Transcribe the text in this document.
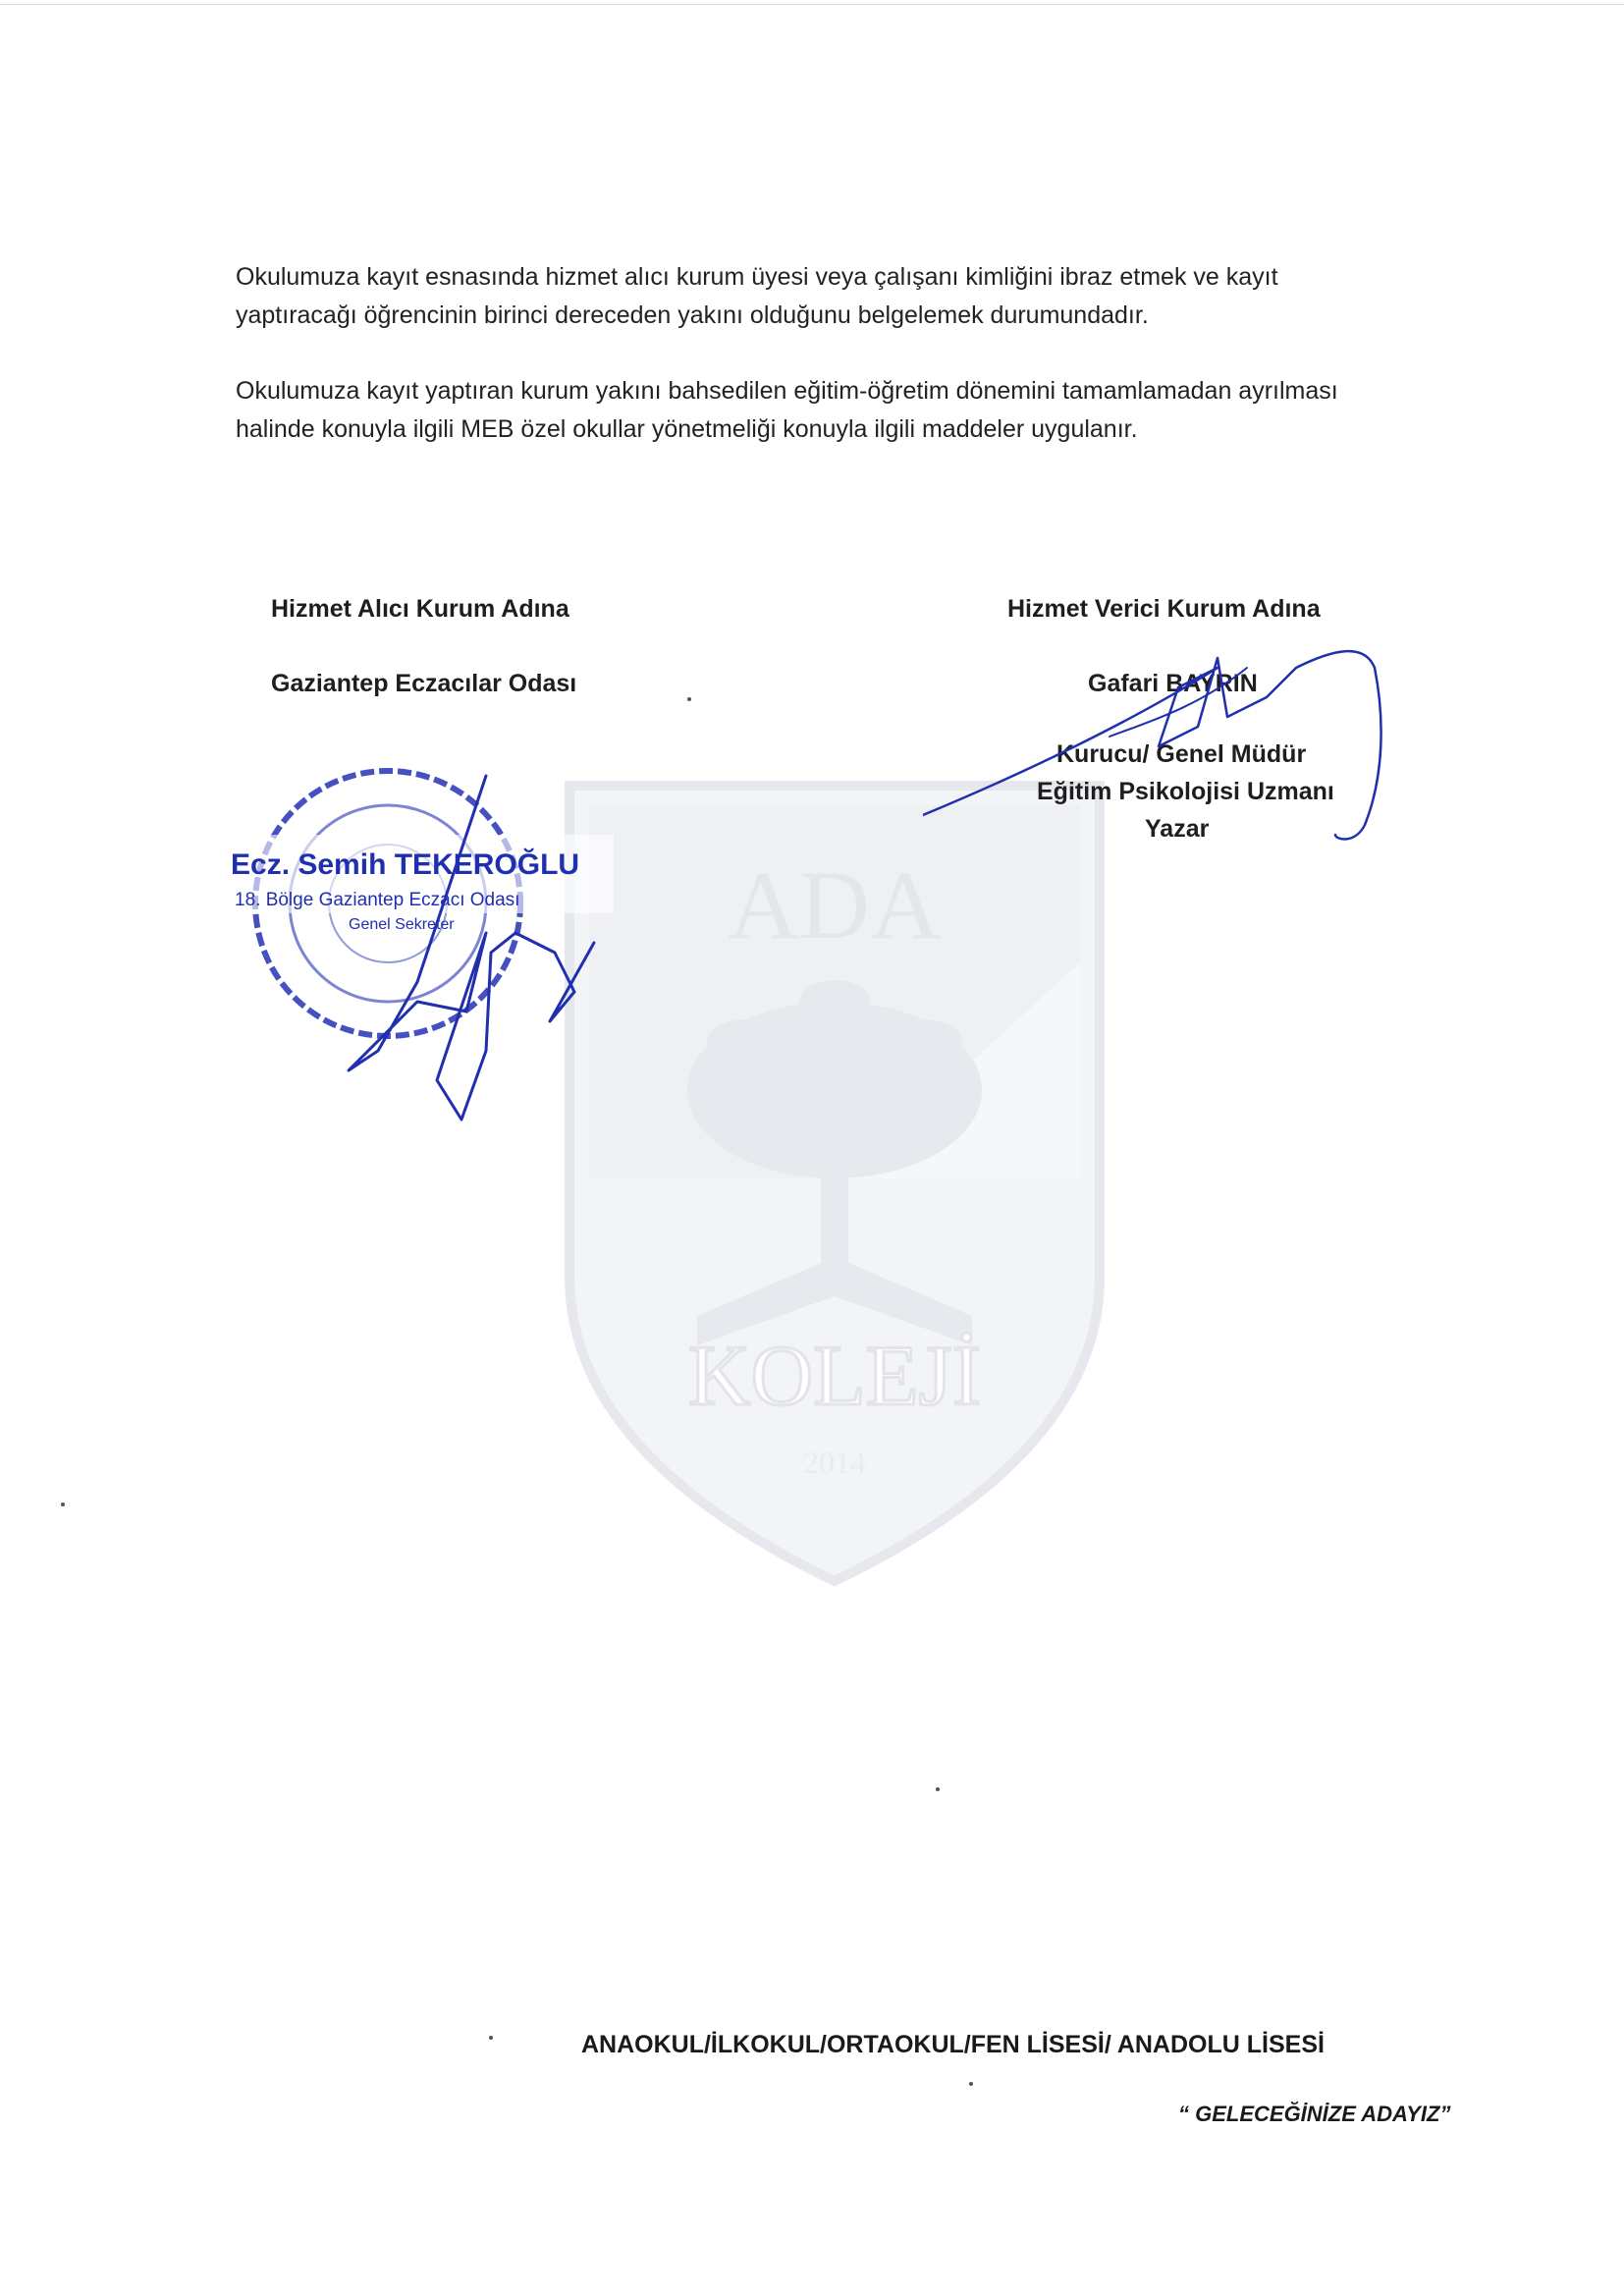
ADA
KOLEJİ
2014

Okulumuza kayıt esnasında hizmet alıcı kurum üyesi veya çalışanı kimliğini ibraz etmek ve kayıt yaptıracağı öğrencinin birinci dereceden yakını olduğunu belgelemek durumundadır.

Okulumuza kayıt yaptıran kurum yakını bahsedilen eğitim-öğretim dönemini tamamlamadan ayrılması halinde konuyla ilgili MEB özel okullar yönetmeliği konuyla ilgili maddeler uygulanır.

Hizmet Alıcı Kurum Adına
Gaziantep Eczacılar Odası
Hizmet Verici Kurum Adına
Gafari BAYRIN
Kurucu/ Genel Müdür
Eğitim Psikolojisi Uzmanı
Yazar
Ecz. Semih TEKEROĞLU
18. Bölge Gaziantep Eczacı Odası
Genel Sekreter
ANAOKUL/İLKOKUL/ORTAOKUL/FEN LİSESİ/ ANADOLU LİSESİ
“ GELECEĞİNİZE ADAYIZ”
